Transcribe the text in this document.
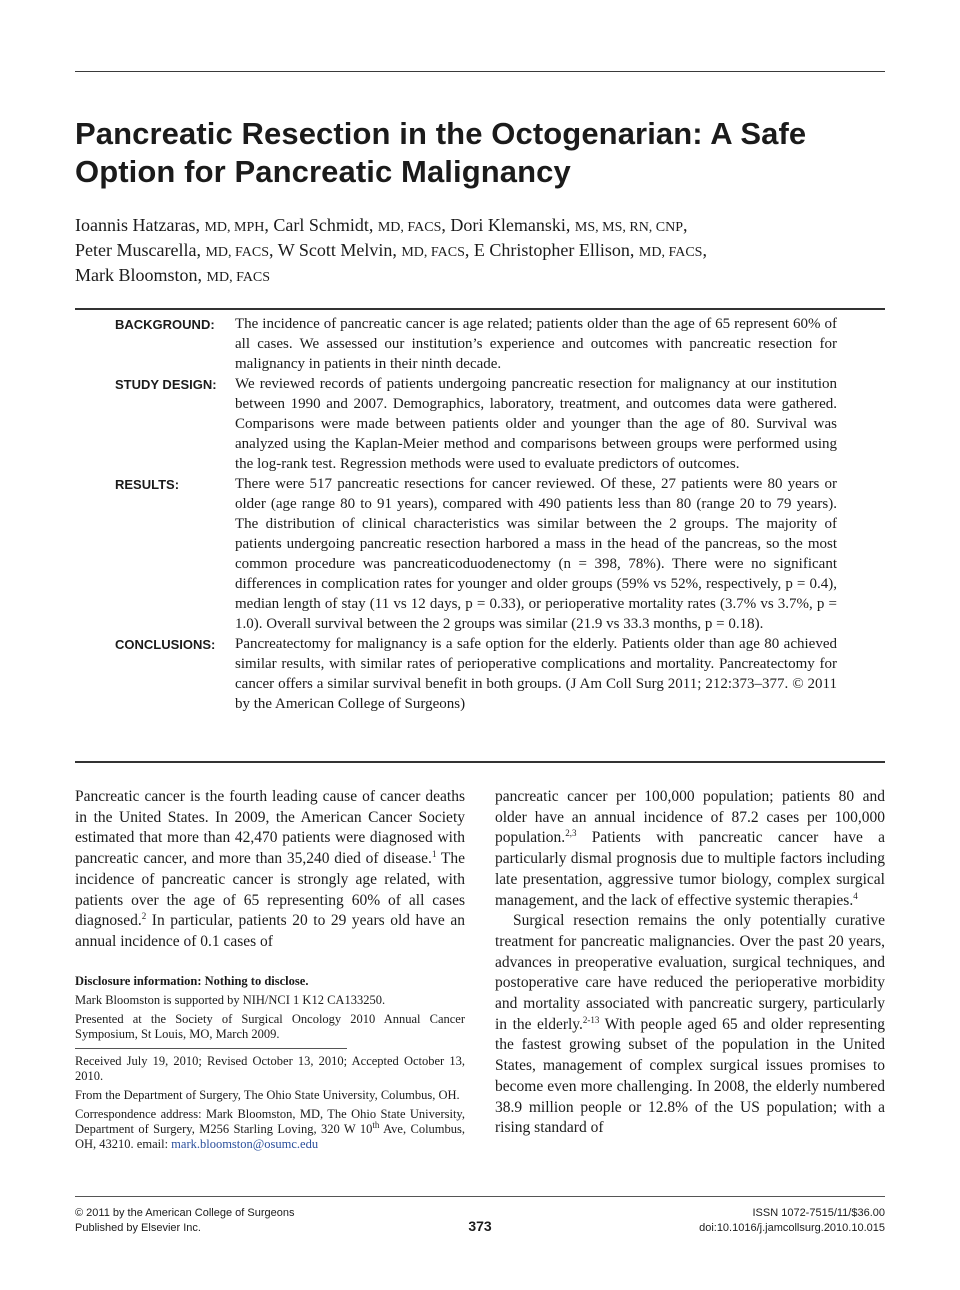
Pancreatic Resection in the Octogenarian: A Safe Option for Pancreatic Malignancy
Ioannis Hatzaras, MD, MPH, Carl Schmidt, MD, FACS, Dori Klemanski, MS, MS, RN, CNP,
Peter Muscarella, MD, FACS, W Scott Melvin, MD, FACS, E Christopher Ellison, MD, FACS,
Mark Bloomston, MD, FACS
BACKGROUND:	The incidence of pancreatic cancer is age related; patients older than the age of 65 represent 60% of all cases. We assessed our institution’s experience and outcomes with pancreatic resection for malignancy in patients in their ninth decade.
STUDY DESIGN:	We reviewed records of patients undergoing pancreatic resection for malignancy at our institution between 1990 and 2007. Demographics, laboratory, treatment, and outcomes data were gathered. Comparisons were made between patients older and younger than the age of 80. Survival was analyzed using the Kaplan-Meier method and comparisons between groups were performed using the log-rank test. Regression methods were used to evaluate predictors of outcomes.
RESULTS:	There were 517 pancreatic resections for cancer reviewed. Of these, 27 patients were 80 years or older (age range 80 to 91 years), compared with 490 patients less than 80 (range 20 to 79 years). The distribution of clinical characteristics was similar between the 2 groups. The majority of patients undergoing pancreatic resection harbored a mass in the head of the pancreas, so the most common procedure was pancreaticoduodenectomy (n = 398, 78%). There were no significant differences in complication rates for younger and older groups (59% vs 52%, respectively, p = 0.4), median length of stay (11 vs 12 days, p = 0.33), or perioperative mortality rates (3.7% vs 3.7%, p = 1.0). Overall survival between the 2 groups was similar (21.9 vs 33.3 months, p = 0.18).
CONCLUSIONS:	Pancreatectomy for malignancy is a safe option for the elderly. Patients older than age 80 achieved similar results, with similar rates of perioperative complications and mortality. Pancreatectomy for cancer offers a similar survival benefit in both groups. (J Am Coll Surg 2011; 212:373–377. © 2011 by the American College of Surgeons)

Pancreatic cancer is the fourth leading cause of cancer deaths in the United States. In 2009, the American Cancer Society estimated that more than 42,470 patients were diagnosed with pancreatic cancer, and more than 35,240 died of disease.$^1$ The incidence of pancreatic cancer is strongly age related, with patients over the age of 65 representing 60% of all cases diagnosed.$^2$ In particular, patients 20 to 29 years old have an annual incidence of 0.1 cases of

pancreatic cancer per 100,000 population; patients 80 and older have an annual incidence of 87.2 cases per 100,000 population.$^{2,3}$ Patients with pancreatic cancer have a particularly dismal prognosis due to multiple factors including late presentation, aggressive tumor biology, complex surgical management, and the lack of effective systemic therapies.$^4$

Surgical resection remains the only potentially curative treatment for pancreatic malignancies. Over the past 20 years, advances in preoperative evaluation, surgical techniques, and postoperative care have reduced the perioperative morbidity and mortality associated with pancreatic surgery, particularly in the elderly.$^{2-13}$ With people aged 65 and older representing the fastest growing subset of the population in the United States, management of complex surgical issues promises to become even more challenging. In 2008, the elderly numbered 38.9 million people or 12.8% of the US population; with a rising standard of

Disclosure information: Nothing to disclose.

Mark Bloomston is supported by NIH/NCI 1 K12 CA133250.

Presented at the Society of Surgical Oncology 2010 Annual Cancer Symposium, St Louis, MO, March 2009.

Received July 19, 2010; Revised October 13, 2010; Accepted October 13, 2010.

From the Department of Surgery, The Ohio State University, Columbus, OH.

Correspondence address: Mark Bloomston, MD, The Ohio State University, Department of Surgery, M256 Starling Loving, 320 W 10th Ave, Columbus, OH, 43210. email: mark.bloomston@osumc.edu

© 2011 by the American College of Surgeons
Published by Elsevier Inc.	373
ISSN 1072-7515/11/$36.00
doi:10.1016/j.jamcollsurg.2010.10.015
